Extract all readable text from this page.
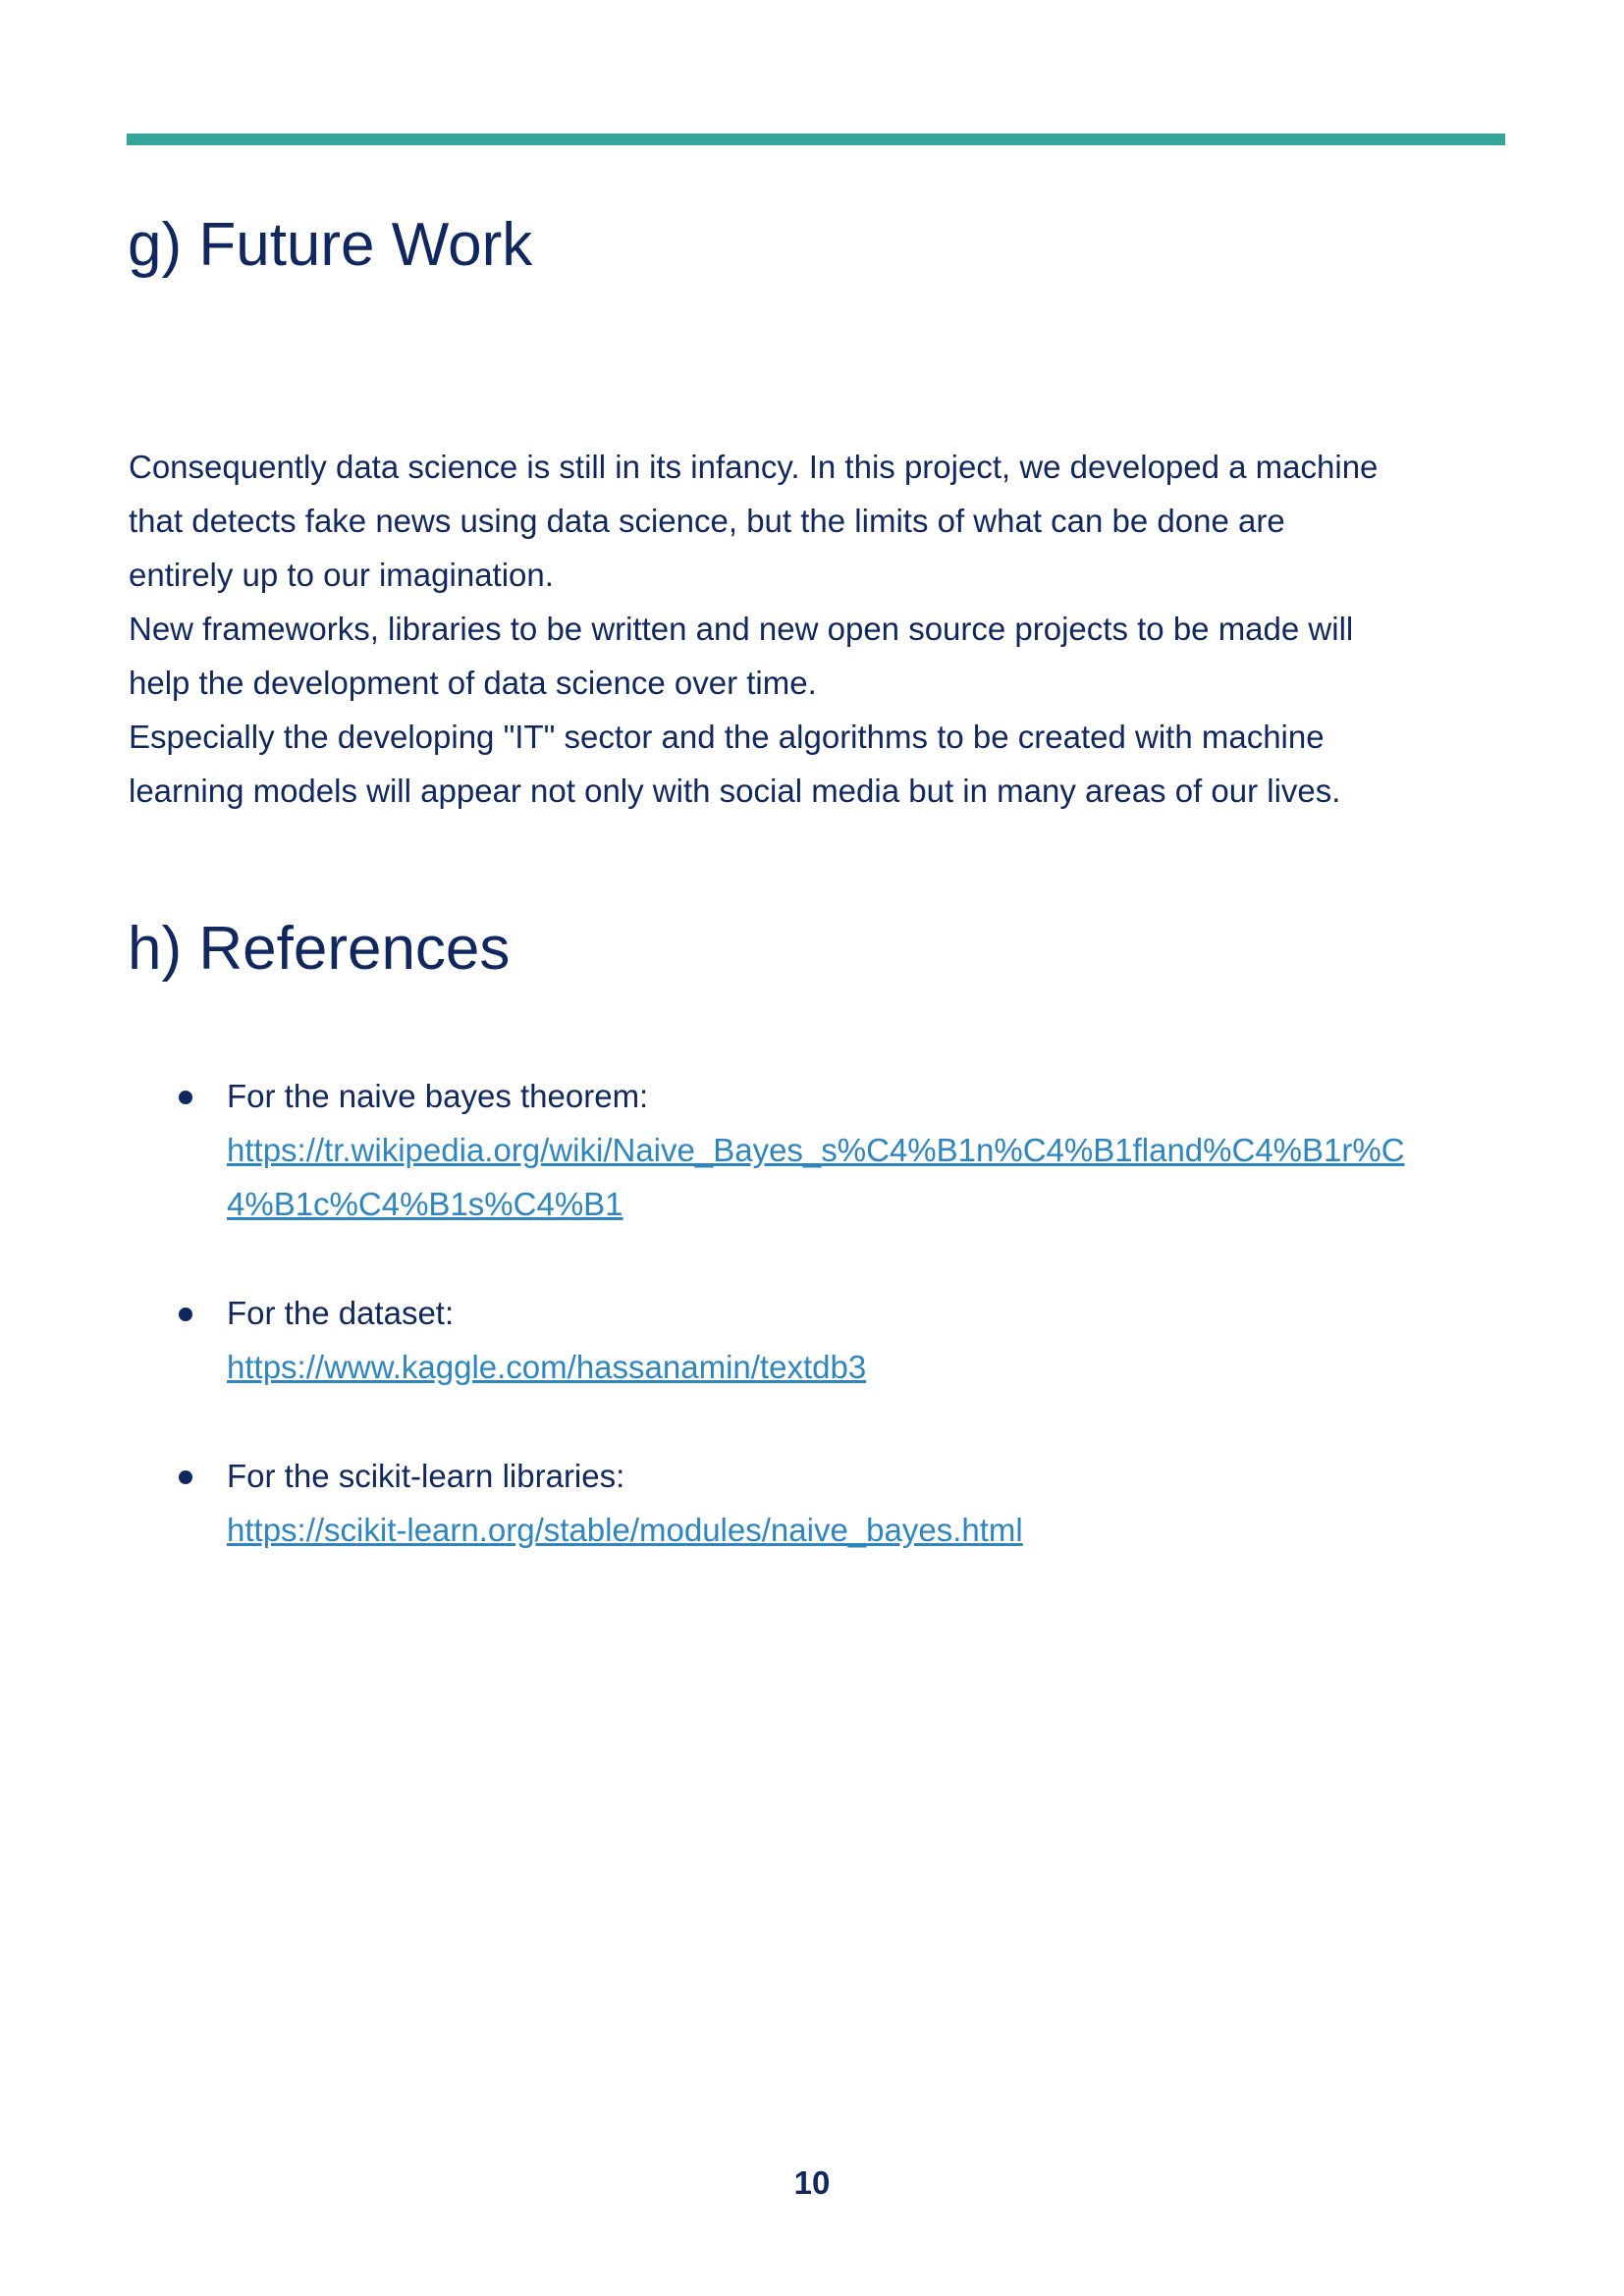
g) Future Work

Consequently data science is still in its infancy. In this project, we developed a machine

that detects fake news using data science, but the limits of what can be done are

entirely up to our imagination.

New frameworks, libraries to be written and new open source projects to be made will

help the development of data science over time.

Especially the developing "IT" sector and the algorithms to be created with machine

learning models will appear not only with social media but in many areas of our lives.

h) References
For the naive bayes theorem:
https://tr.wikipedia.org/wiki/Naive_Bayes_s%C4%B1n%C4%B1fland%C4%B1r%C
4%B1c%C4%B1s%C4%B1
For the dataset:
https://www.kaggle.com/hassanamin/textdb3
For the scikit-learn libraries:
https://scikit-learn.org/stable/modules/naive_bayes.html
10
